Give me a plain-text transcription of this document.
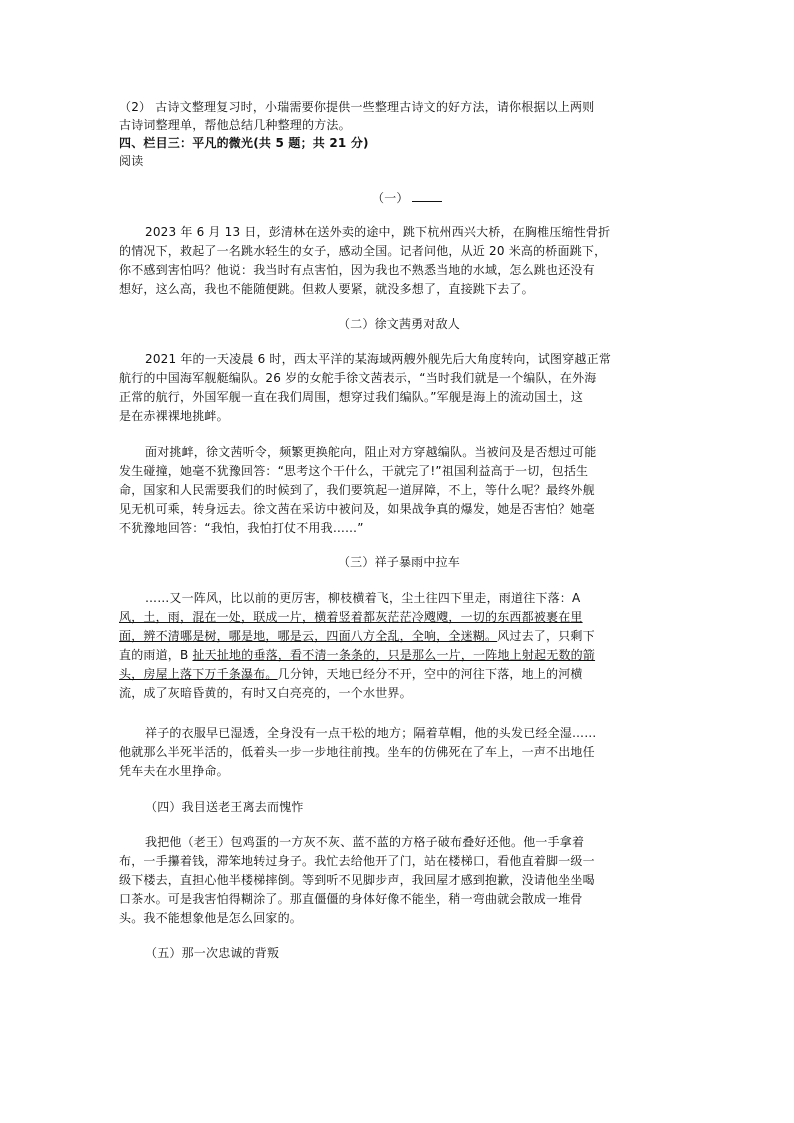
（2） 古诗文整理复习时，小瑞需要你提供一些整理古诗文的好方法，请你根据以上两则
古诗词整理单，帮他总结几种整理的方法。
四、栏目三：平凡的微光(共 5 题；共 21 分)
阅读
（一）
2023 年 6 月 13 日，彭清林在送外卖的途中，跳下杭州西兴大桥，在胸椎压缩性骨折
的情况下，救起了一名跳水轻生的女子，感动全国。记者问他，从近 20 米高的桥面跳下，
你不感到害怕吗？他说：我当时有点害怕，因为我也不熟悉当地的水域，怎么跳也还没有
想好，这么高，我也不能随便跳。但救人要紧，就没多想了，直接跳下去了。
（二）徐文茜勇对敌人
2021 年的一天凌晨 6 时，西太平洋的某海域两艘外舰先后大角度转向，试图穿越正常
航行的中国海军舰艇编队。26 岁的女舵手徐文茜表示，“当时我们就是一个编队，在外海
正常的航行，外国军舰一直在我们周围，想穿过我们编队。”军舰是海上的流动国土，这
是在赤裸裸地挑衅。
面对挑衅，徐文茜听令，频繁更换舵向，阻止对方穿越编队。当被问及是否想过可能
发生碰撞，她毫不犹豫回答：“思考这个干什么，干就完了!”祖国利益高于一切，包括生
命，国家和人民需要我们的时候到了，我们要筑起一道屏障，不上，等什么呢？最终外舰
见无机可乘，转身远去。徐文茜在采访中被问及，如果战争真的爆发，她是否害怕？她毫
不犹豫地回答：“我怕，我怕打仗不用我……”
（三）祥子暴雨中拉车
……又一阵风，比以前的更厉害，柳枝横着飞，尘土往四下里走，雨道往下落：A
风，土，雨，混在一处，联成一片，横着竖着都灰茫茫冷飕飕，一切的东西都被裹在里
面，辨不清哪是树，哪是地，哪是云，四面八方全乱，全响，全迷糊。风过去了，只剩下
直的雨道，B 扯天扯地的垂落，看不清一条条的，只是那么一片，一阵地上射起无数的箭
头，房屋上落下万千条瀑布。几分钟，天地已经分不开，空中的河往下落，地上的河横
流，成了灰暗昏黄的，有时又白亮亮的，一个水世界。
祥子的衣服早已湿透，全身没有一点干松的地方；隔着草帽，他的头发已经全湿……
他就那么半死半活的，低着头一步一步地往前拽。坐车的仿佛死在了车上，一声不出地任
凭车夫在水里挣命。
（四）我目送老王离去而愧怍
我把他（老王）包鸡蛋的一方灰不灰、蓝不蓝的方格子破布叠好还他。他一手拿着
布，一手攥着钱，滞笨地转过身子。我忙去给他开了门，站在楼梯口，看他直着脚一级一
级下楼去，直担心他半楼梯摔倒。等到听不见脚步声，我回屋才感到抱歉，没请他坐坐喝
口茶水。可是我害怕得糊涂了。那直僵僵的身体好像不能坐，稍一弯曲就会散成一堆骨
头。我不能想象他是怎么回家的。
（五）那一次忠诚的背叛
